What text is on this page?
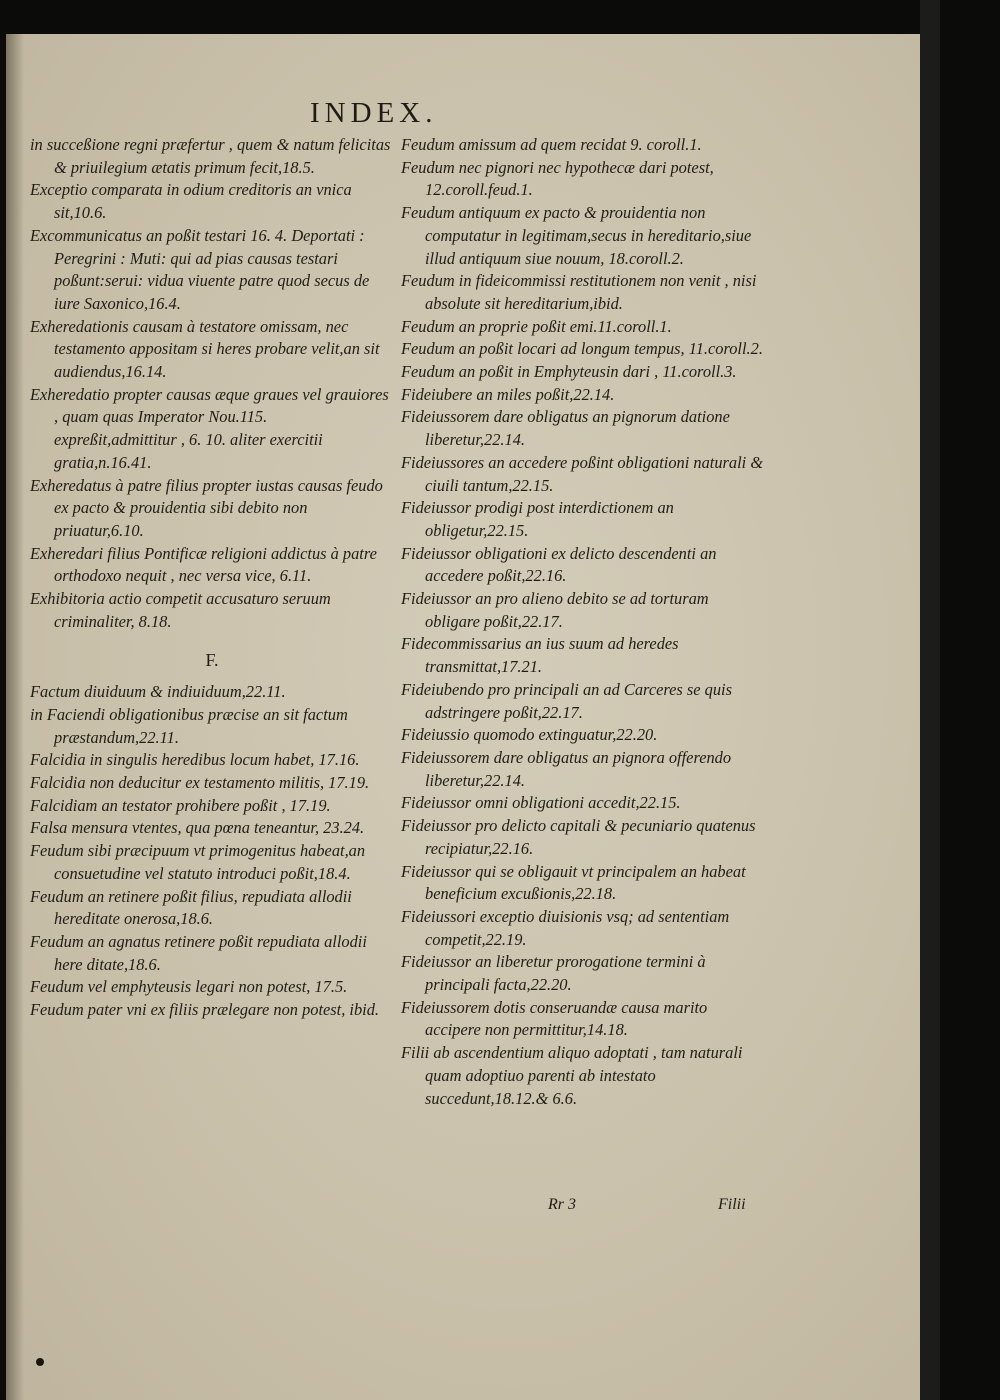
INDEX.

in succeßione regni præfertur , quem & natum felicitas & priuilegium ætatis primum fecit,18.5.

Exceptio comparata in odium creditoris an vnica sit,10.6.

Excommunicatus an poßit testari 16. 4. Deportati : Peregrini : Muti: qui ad pias causas testari poßunt:serui: vidua viuente patre quod secus de iure Saxonico,16.4.

Exheredationis causam à testatore omissam, nec testamento appositam si heres probare velit,an sit audiendus,16.14.

Exheredatio propter causas æque graues vel grauiores , quam quas Imperator Nou.115. expreßit,admittitur , 6. 10. aliter exercitii gratia,n.16.41.

Exheredatus à patre filius propter iustas causas feudo ex pacto & prouidentia sibi debito non priuatur,6.10.

Exheredari filius Pontificæ religioni addictus à patre orthodoxo nequit , nec versa vice, 6.11.

Exhibitoria actio competit accusaturo seruum criminaliter, 8.18.

F.

Factum diuiduum & indiuiduum,22.11.

in Faciendi obligationibus præcise an sit factum præstandum,22.11.

Falcidia in singulis heredibus locum habet, 17.16.

Falcidia non deducitur ex testamento militis, 17.19.

Falcidiam an testator prohibere poßit , 17.19.

Falsa mensura vtentes, qua pœna teneantur, 23.24.

Feudum sibi præcipuum vt primogenitus habeat,an consuetudine vel statuto introduci poßit,18.4.

Feudum an retinere poßit filius, repudiata allodii hereditate onerosa,18.6.

Feudum an agnatus retinere poßit repudiata allodii here ditate,18.6.

Feudum vel emphyteusis legari non potest, 17.5.

Feudum pater vni ex filiis prælegare non potest, ibid.

Feudum amissum ad quem recidat 9. coroll.1.

Feudum nec pignori nec hypothecæ dari potest, 12.coroll.feud.1.

Feudum antiquum ex pacto & prouidentia non computatur in legitimam,secus in hereditario,siue illud antiquum siue nouum, 18.coroll.2.

Feudum in fideicommissi restitutionem non venit , nisi absolute sit hereditarium,ibid.

Feudum an proprie poßit emi.11.coroll.1.

Feudum an poßit locari ad longum tempus, 11.coroll.2.

Feudum an poßit in Emphyteusin dari , 11.coroll.3.

Fideiubere an miles poßit,22.14.

Fideiussorem dare obligatus an pignorum datione liberetur,22.14.

Fideiussores an accedere poßint obligationi naturali & ciuili tantum,22.15.

Fideiussor prodigi post interdictionem an obligetur,22.15.

Fideiussor obligationi ex delicto descendenti an accedere poßit,22.16.

Fideiussor an pro alieno debito se ad torturam obligare poßit,22.17.

Fidecommissarius an ius suum ad heredes transmittat,17.21.

Fideiubendo pro principali an ad Carceres se quis adstringere poßit,22.17.

Fideiussio quomodo extinguatur,22.20.

Fideiussorem dare obligatus an pignora offerendo liberetur,22.14.

Fideiussor omni obligationi accedit,22.15.

Fideiussor pro delicto capitali & pecuniario quatenus recipiatur,22.16.

Fideiussor qui se obligauit vt principalem an habeat beneficium excußionis,22.18.

Fideiussori exceptio diuisionis vsq; ad sententiam competit,22.19.

Fideiussor an liberetur prorogatione termini à principali facta,22.20.

Fideiussorem dotis conseruandæ causa marito accipere non permittitur,14.18.

Filii ab ascendentium aliquo adoptati , tam naturali quam adoptiuo parenti ab intestato succedunt,18.12.& 6.6.

Rr 3	Filii
